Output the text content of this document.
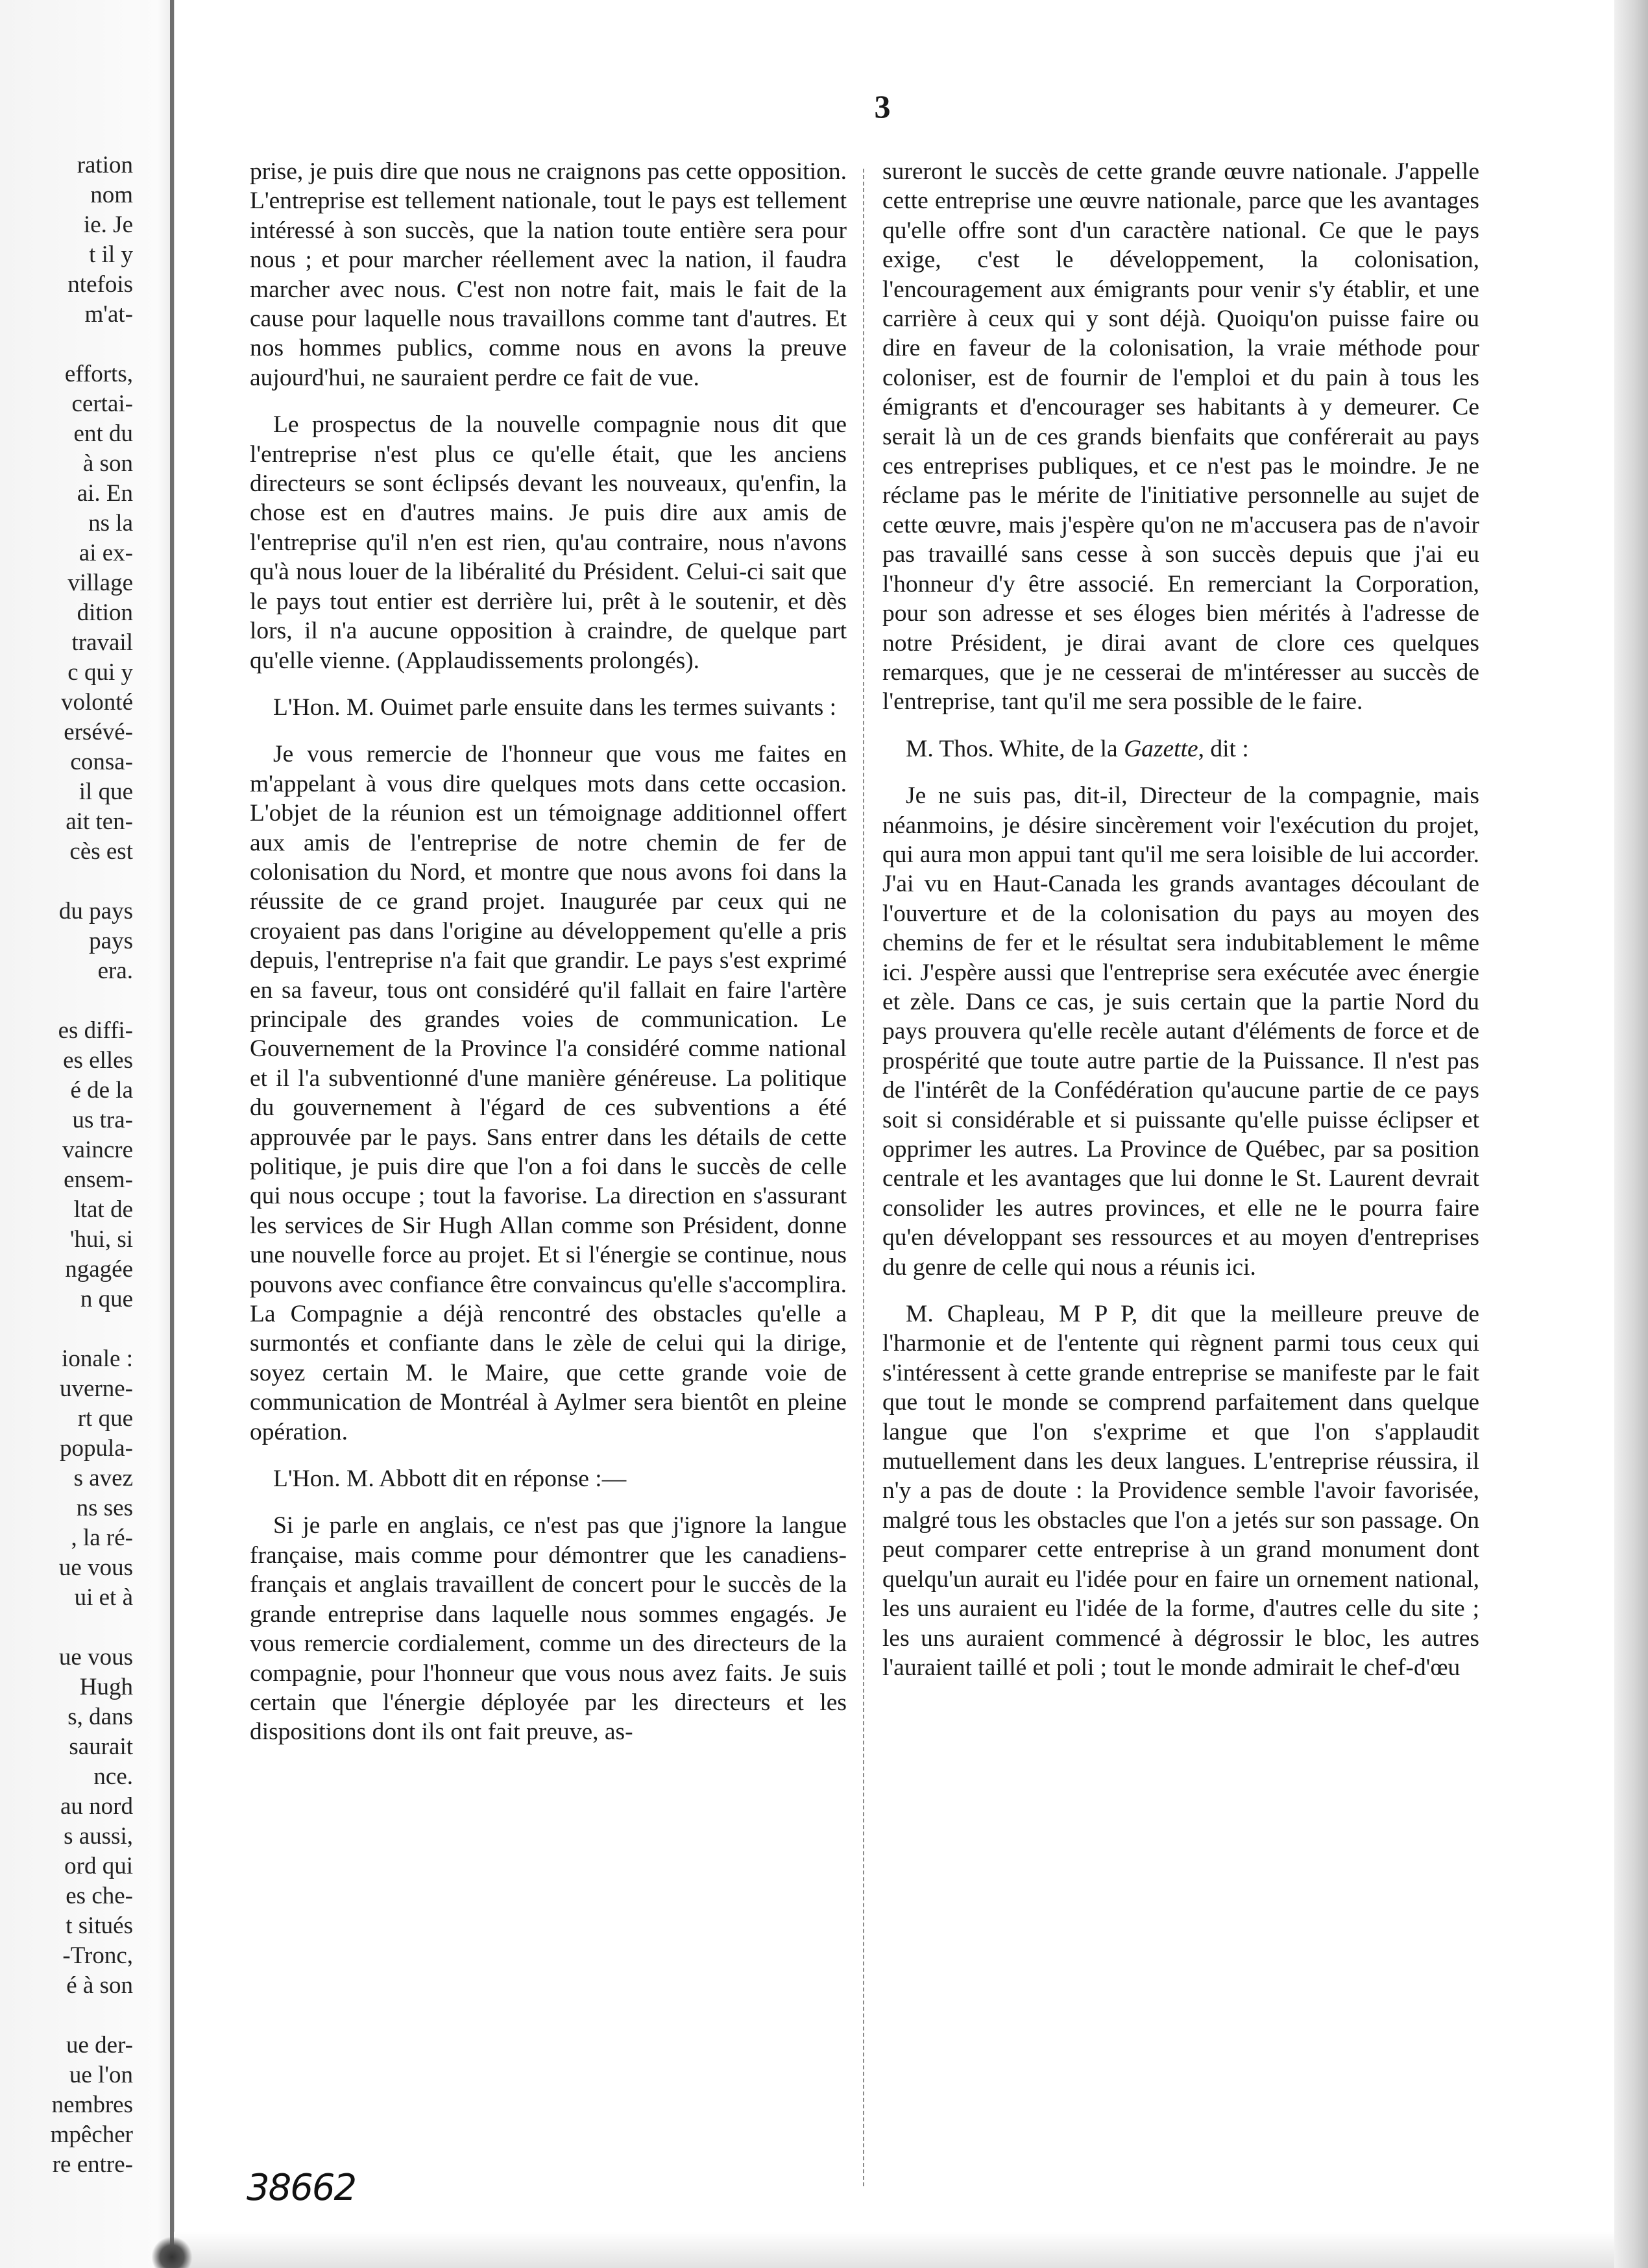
ration
nom
ie. Je
t il y
ntefois
m'at-
efforts,
certai-
ent du
à son
ai. En
ns la
ai ex-
village
dition
travail
c qui y
volonté
ersévé-
consa-
il que
ait ten-
cès est
du pays
pays
era.
es diffi-
es elles
é de la
us tra-
vaincre
ensem-
ltat de
'hui, si
ngagée
n que
ionale :
uverne-
rt que
popula-
s avez
ns ses
, la ré-
ue vous
ui et à
ue vous
Hugh
s, dans
saurait
nce.
au nord
s aussi,
ord qui
es che-
t situés
-Tronc,
é à son
ue der-
ue l'on
nembres
mpêcher
re entre-
3

prise, je puis dire que nous ne craignons pas cette opposition. L'entreprise est tellement nationale, tout le pays est tellement intéressé à son succès, que la nation toute entière sera pour nous ; et pour marcher réellement avec la nation, il faudra marcher avec nous. C'est non notre fait, mais le fait de la cause pour laquelle nous travaillons comme tant d'autres. Et nos hommes publics, comme nous en avons la preuve aujourd'hui, ne sauraient perdre ce fait de vue.

Le prospectus de la nouvelle compagnie nous dit que l'entreprise n'est plus ce qu'elle était, que les anciens directeurs se sont éclipsés devant les nouveaux, qu'enfin, la chose est en d'autres mains. Je puis dire aux amis de l'entreprise qu'il n'en est rien, qu'au contraire, nous n'avons qu'à nous louer de la libéralité du Président. Celui-ci sait que le pays tout entier est derrière lui, prêt à le soutenir, et dès lors, il n'a aucune opposition à craindre, de quelque part qu'elle vienne. (Applaudissements prolongés).

L'Hon. M. Ouimet parle ensuite dans les termes suivants :

Je vous remercie de l'honneur que vous me faites en m'appelant à vous dire quelques mots dans cette occasion. L'objet de la réunion est un témoignage additionnel offert aux amis de l'entreprise de notre chemin de fer de colonisation du Nord, et montre que nous avons foi dans la réussite de ce grand projet. Inaugurée par ceux qui ne croyaient pas dans l'origine au développement qu'elle a pris depuis, l'entreprise n'a fait que grandir. Le pays s'est exprimé en sa faveur, tous ont considéré qu'il fallait en faire l'artère principale des grandes voies de communication. Le Gouvernement de la Province l'a considéré comme national et il l'a subventionné d'une manière généreuse. La politique du gouvernement à l'égard de ces subventions a été approuvée par le pays. Sans entrer dans les détails de cette politique, je puis dire que l'on a foi dans le succès de celle qui nous occupe ; tout la favorise. La direction en s'assurant les services de Sir Hugh Allan comme son Président, donne une nouvelle force au projet. Et si l'énergie se continue, nous pouvons avec confiance être convaincus qu'elle s'accomplira. La Compagnie a déjà rencontré des obstacles qu'elle a surmontés et confiante dans le zèle de celui qui la dirige, soyez certain M. le Maire, que cette grande voie de communication de Montréal à Aylmer sera bientôt en pleine opération.

L'Hon. M. Abbott dit en réponse :—

Si je parle en anglais, ce n'est pas que j'ignore la langue française, mais comme pour démontrer que les canadiens-français et anglais travaillent de concert pour le succès de la grande entreprise dans laquelle nous sommes engagés. Je vous remercie cordialement, comme un des directeurs de la compagnie, pour l'honneur que vous nous avez faits. Je suis certain que l'énergie déployée par les directeurs et les dispositions dont ils ont fait preuve, as-

sureront le succès de cette grande œuvre nationale. J'appelle cette entreprise une œuvre nationale, parce que les avantages qu'elle offre sont d'un caractère national. Ce que le pays exige, c'est le développement, la colonisation, l'encouragement aux émigrants pour venir s'y établir, et une carrière à ceux qui y sont déjà. Quoiqu'on puisse faire ou dire en faveur de la colonisation, la vraie méthode pour coloniser, est de fournir de l'emploi et du pain à tous les émigrants et d'encourager ses habitants à y demeurer. Ce serait là un de ces grands bienfaits que conférerait au pays ces entreprises publiques, et ce n'est pas le moindre. Je ne réclame pas le mérite de l'initiative personnelle au sujet de cette œuvre, mais j'espère qu'on ne m'accusera pas de n'avoir pas travaillé sans cesse à son succès depuis que j'ai eu l'honneur d'y être associé. En remerciant la Corporation, pour son adresse et ses éloges bien mérités à l'adresse de notre Président, je dirai avant de clore ces quelques remarques, que je ne cesserai de m'intéresser au succès de l'entreprise, tant qu'il me sera possible de le faire.

M. Thos. White, de la Gazette, dit :

Je ne suis pas, dit-il, Directeur de la compagnie, mais néanmoins, je désire sincèrement voir l'exécution du projet, qui aura mon appui tant qu'il me sera loisible de lui accorder. J'ai vu en Haut-Canada les grands avantages découlant de l'ouverture et de la colonisation du pays au moyen des chemins de fer et le résultat sera indubitablement le même ici. J'espère aussi que l'entreprise sera exécutée avec énergie et zèle. Dans ce cas, je suis certain que la partie Nord du pays prouvera qu'elle recèle autant d'éléments de force et de prospérité que toute autre partie de la Puissance. Il n'est pas de l'intérêt de la Confédération qu'aucune partie de ce pays soit si considérable et si puissante qu'elle puisse éclipser et opprimer les autres. La Province de Québec, par sa position centrale et les avantages que lui donne le St. Laurent devrait consolider les autres provinces, et elle ne le pourra faire qu'en développant ses ressources et au moyen d'entreprises du genre de celle qui nous a réunis ici.

M. Chapleau, M P P, dit que la meilleure preuve de l'harmonie et de l'entente qui règnent parmi tous ceux qui s'intéressent à cette grande entreprise se manifeste par le fait que tout le monde se comprend parfaitement dans quelque langue que l'on s'exprime et que l'on s'applaudit mutuellement dans les deux langues. L'entreprise réussira, il n'y a pas de doute : la Providence semble l'avoir favorisée, malgré tous les obstacles que l'on a jetés sur son passage. On peut comparer cette entreprise à un grand monument dont quelqu'un aurait eu l'idée pour en faire un ornement national, les uns auraient eu l'idée de la forme, d'autres celle du site ; les uns auraient commencé à dégrossir le bloc, les autres l'auraient taillé et poli ; tout le monde admirait le chef-d'œu

38662
